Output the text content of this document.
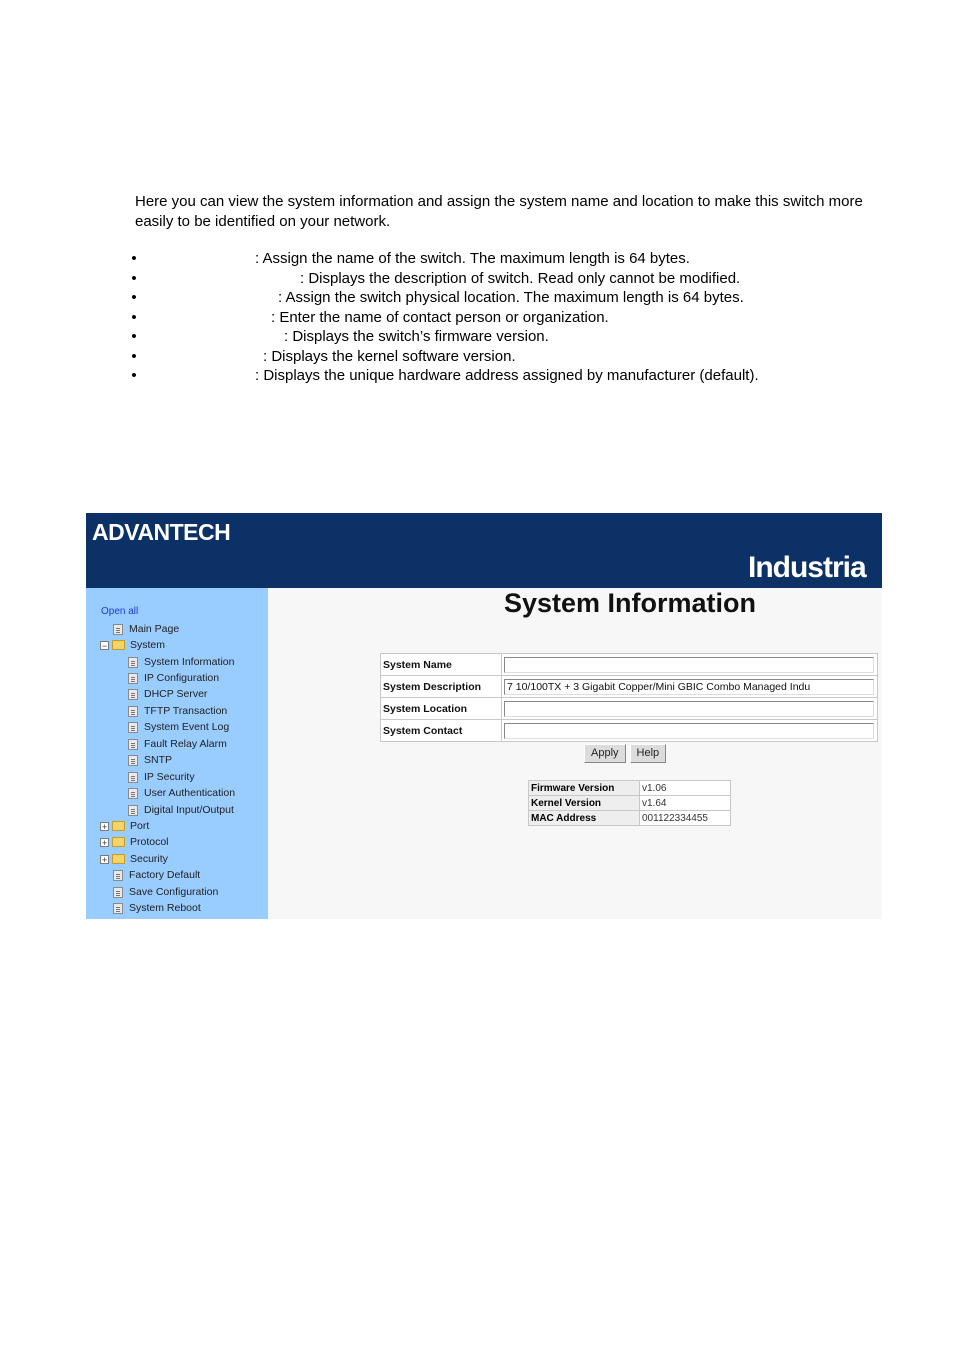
Here you can view the system information and assign the system name and location to make this switch more easily to be identified on your network.
•	: Assign the name of the switch. The maximum length is 64 bytes.
•	: Displays the description of switch. Read only cannot be modified.
•	: Assign the switch physical location. The maximum length is 64 bytes.
•	: Enter the name of contact person or organization.
•	: Displays the switch’s firmware version.
•	: Displays the kernel software version.
•	: Displays the unique hardware address assigned by manufacturer (default).
ADVANTECH
Industria
Open all
Main Page
− System
System Information
IP Configuration
DHCP Server
TFTP Transaction
System Event Log
Fault Relay Alarm
SNTP
IP Security
User Authentication
Digital Input/Output
+ Port
+ Protocol
+ Security
Factory Default
Save Configuration
System Reboot
System Information
System Name	

System Description	7 10/100TX + 3 Gigabit Copper/Mini GBIC Combo Managed Indu

System Location	

System Contact	
Apply	Help
Firmware Version	v1.06
Kernel Version	v1.64
MAC Address	001122334455
